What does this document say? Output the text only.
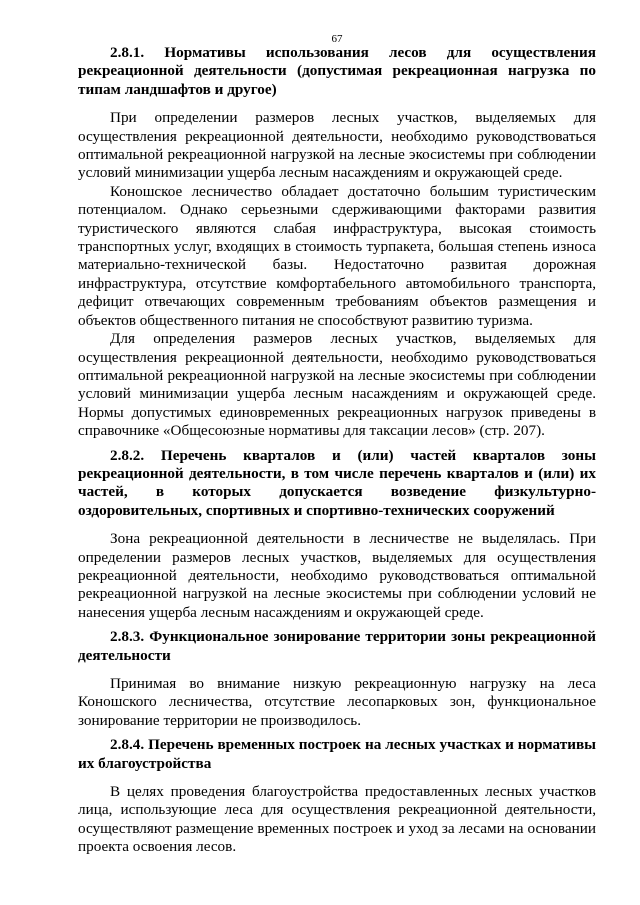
67

2.8.1. Нормативы использования лесов для осуществления рекреационной деятельности (допустимая рекреационная нагрузка по типам ландшафтов и другое)

При определении размеров лесных участков, выделяемых для осуществления рекреационной деятельности, необходимо руководствоваться оптимальной рекреационной нагрузкой на лесные экосистемы при соблюдении условий минимизации ущерба лесным насаждениям и окружающей среде.

Коношское лесничество обладает достаточно большим туристическим потенциалом. Однако серьезными сдерживающими факторами развития туристического являются слабая инфраструктура, высокая стоимость транспортных услуг, входящих в стоимость турпакета, большая степень износа материально-технической базы. Недостаточно развитая дорожная инфраструктура, отсутствие комфортабельного автомобильного транспорта, дефицит отвечающих современным требованиям объектов размещения и объектов общественного питания не способствуют развитию туризма.

Для определения размеров лесных участков, выделяемых для осуществления рекреационной деятельности, необходимо руководствоваться оптимальной рекреационной нагрузкой на лесные экосистемы при соблюдении условий минимизации ущерба лесным насаждениям и окружающей среде. Нормы допустимых единовременных рекреационных нагрузок приведены в справочнике «Общесоюзные нормативы для таксации лесов» (стр. 207).

2.8.2. Перечень кварталов и (или) частей кварталов зоны рекреационной деятельности, в том числе перечень кварталов и (или) их частей, в которых допускается возведение физкультурно-оздоровительных, спортивных и спортивно-технических сооружений

Зона рекреационной деятельности в лесничестве не выделялась. При определении размеров лесных участков, выделяемых для осуществления рекреационной деятельности, необходимо руководствоваться оптимальной рекреационной нагрузкой на лесные экосистемы при соблюдении условий не нанесения ущерба лесным насаждениям и окружающей среде.

2.8.3. Функциональное зонирование территории зоны рекреационной деятельности

Принимая во внимание низкую рекреационную нагрузку на леса Коношского лесничества, отсутствие лесопарковых зон, функциональное зонирование территории не производилось.

2.8.4. Перечень временных построек на лесных участках и нормативы их благоустройства

В целях проведения благоустройства предоставленных лесных участков лица, использующие леса для осуществления рекреационной деятельности, осуществляют размещение временных построек и уход за лесами на основании проекта освоения лесов.
